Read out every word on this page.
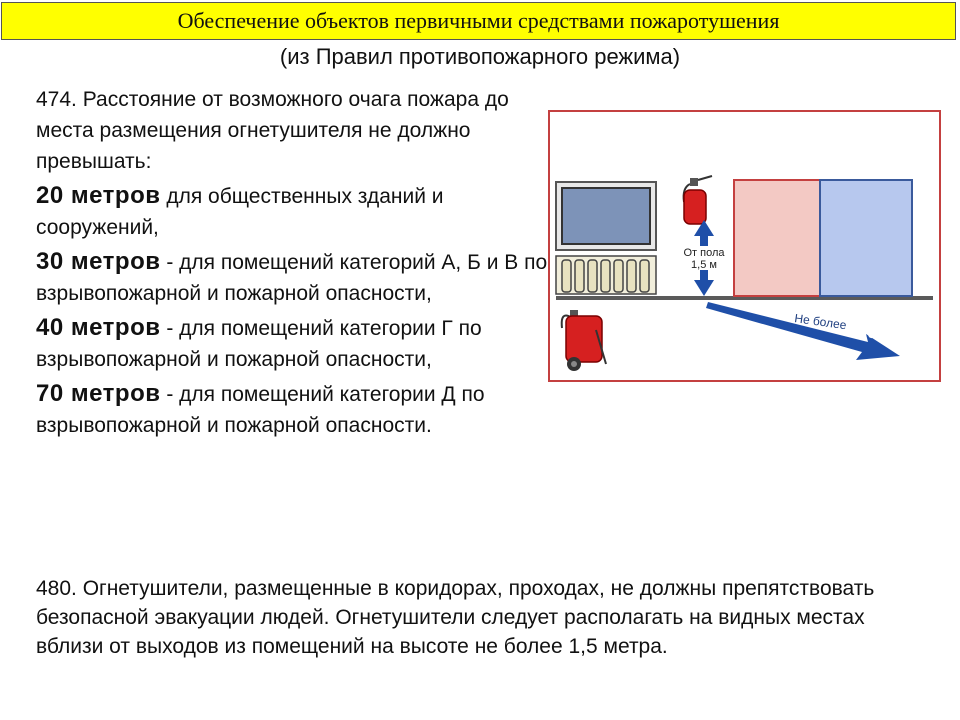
Обеспечение объектов первичными средствами пожаротушения
(из Правил противопожарного режима)

474. Расстояние от возможного очага пожара до места размещения огнетушителя не должно превышать:

20 метров для общественных зданий и сооружений,

30 метров - для помещений категорий А, Б и В по взрывопожарной и пожарной опасности,

40 метров - для помещений категории Г по взрывопожарной и пожарной опасности,

70 метров - для помещений категории Д по взрывопожарной и пожарной опасности.

От пола
1,5 м
Не более
20 м
480. Огнетушители, размещенные в коридорах, проходах, не должны препятствовать безопасной эвакуации людей. Огнетушители следует располагать на видных местах вблизи от выходов из помещений на высоте не более 1,5 метра.
